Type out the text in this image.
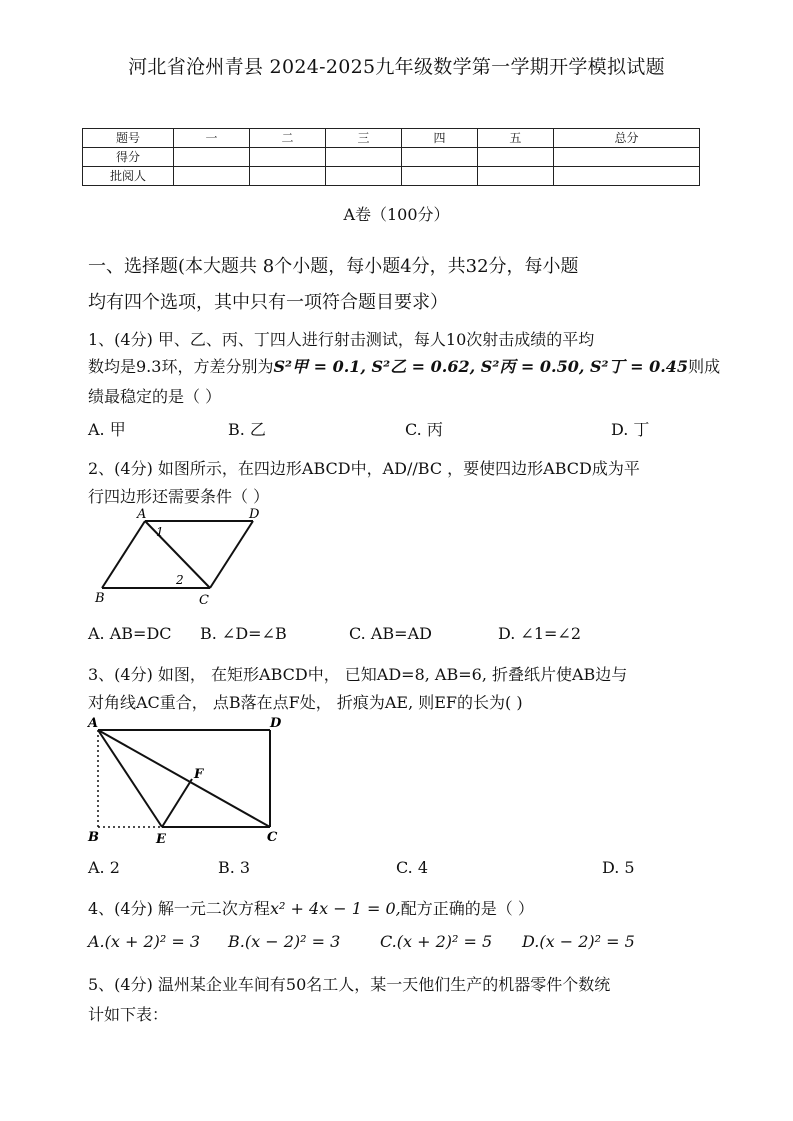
河北省沧州青县 2024-2025九年级数学第一学期开学模拟试题
题号	一	二	三	四	五	总分
得分						
批阅人						
A卷（100分）
一、选择题(本大题共 8个小题，每小题4分，共32分，每小题
均有四个选项，其中只有一项符合题目要求）
1、(4分) 甲、乙、丙、丁四人进行射击测试，每人10次射击成绩的平均
数均是9.3环，方差分别为S²甲 = 0.1, S²乙 = 0.62, S²丙 = 0.50, S²丁 = 0.45则成
绩最稳定的是（ ）
A. 甲	B. 乙	C. 丙	D. 丁
2、(4分) 如图所示，在四边形ABCD中，AD//BC ，要使四边形ABCD成为平
行四边形还需要条件（ ）
A	D
B	C
1
2
A. AB=DC B. ∠D=∠B	C. AB=AD	D. ∠1=∠2
3、(4分) 如图， 在矩形ABCD中， 已知AD=8, AB=6, 折叠纸片使AB边与
对角线AC重合， 点B落在点F处， 折痕为AE, 则EF的长为( )
A	D
F
B	E	C
A. 2	B. 3	C. 4	D. 5
4、(4分) 解一元二次方程x² + 4x − 1 = 0,配方正确的是（ ）
A.(x + 2)² = 3 B.(x − 2)² = 3 C.(x + 2)² = 5 D.(x − 2)² = 5
5、(4分) 温州某企业车间有50名工人，某一天他们生产的机器零件个数统
计如下表：
